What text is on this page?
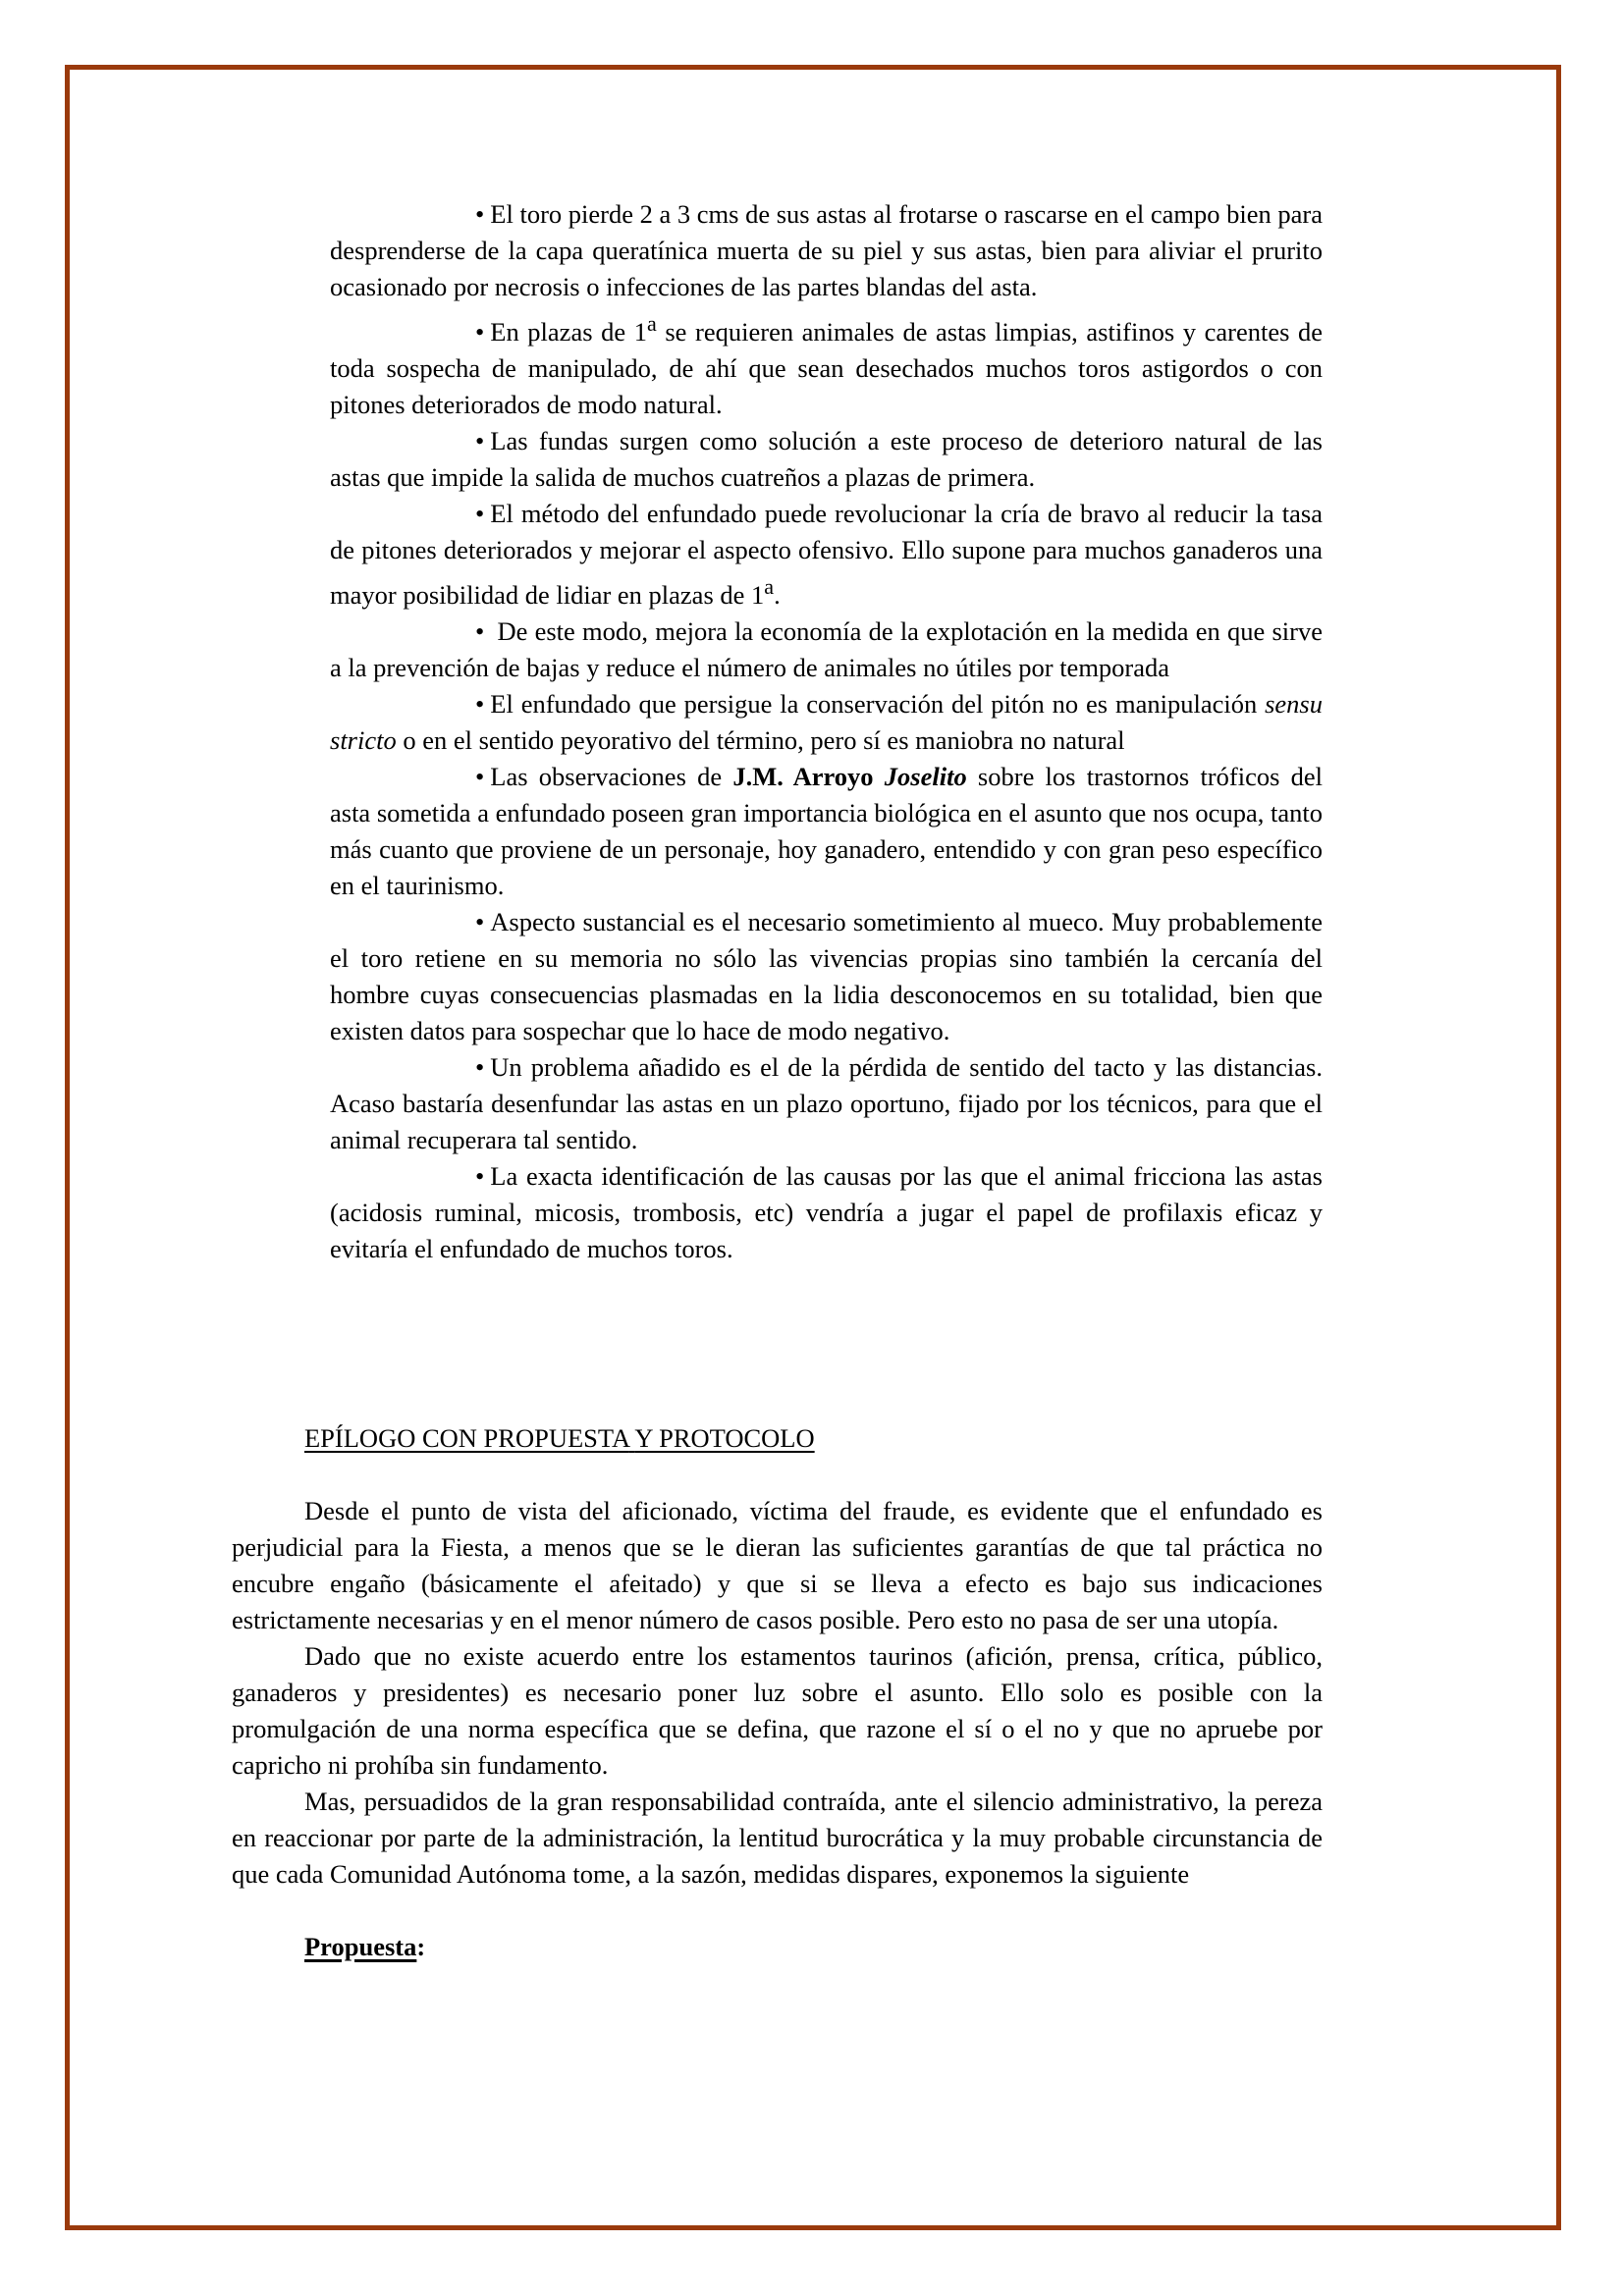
• El toro pierde 2 a 3 cms de sus astas al frotarse o rascarse en el campo bien para desprenderse de la capa queratínica muerta de su piel y sus astas, bien para aliviar el prurito ocasionado por necrosis o infecciones de las partes blandas del asta.

• En plazas de 1$^a$ se requieren animales de astas limpias, astifinos y carentes de toda sospecha de manipulado, de ahí que sean desechados muchos toros astigordos o con pitones deteriorados de modo natural.

• Las fundas surgen como solución a este proceso de deterioro natural de las astas que impide la salida de muchos cuatreños a plazas de primera.

• El método del enfundado puede revolucionar la cría de bravo al reducir la tasa de pitones deteriorados y mejorar el aspecto ofensivo. Ello supone para muchos ganaderos una mayor posibilidad de lidiar en plazas de 1$^a$.

• De este modo, mejora la economía de la explotación en la medida en que sirve a la prevención de bajas y reduce el número de animales no útiles por temporada

• El enfundado que persigue la conservación del pitón no es manipulación sensu stricto o en el sentido peyorativo del término, pero sí es maniobra no natural

• Las observaciones de J.M. Arroyo Joselito sobre los trastornos tróficos del asta sometida a enfundado poseen gran importancia biológica en el asunto que nos ocupa, tanto más cuanto que proviene de un personaje, hoy ganadero, entendido y con gran peso específico en el taurinismo.

• Aspecto sustancial es el necesario sometimiento al mueco. Muy probablemente el toro retiene en su memoria no sólo las vivencias propias sino también la cercanía del hombre cuyas consecuencias plasmadas en la lidia desconocemos en su totalidad, bien que existen datos para sospechar que lo hace de modo negativo.

• Un problema añadido es el de la pérdida de sentido del tacto y las distancias. Acaso bastaría desenfundar las astas en un plazo oportuno, fijado por los técnicos, para que el animal recuperara tal sentido.

• La exacta identificación de las causas por las que el animal fricciona las astas (acidosis ruminal, micosis, trombosis, etc) vendría a jugar el papel de profilaxis eficaz y evitaría el enfundado de muchos toros.

EPÍLOGO CON PROPUESTA Y PROTOCOLO

Desde el punto de vista del aficionado, víctima del fraude, es evidente que el enfundado es perjudicial para la Fiesta, a menos que se le dieran las suficientes garantías de que tal práctica no encubre engaño (básicamente el afeitado) y que si se lleva a efecto es bajo sus indicaciones estrictamente necesarias y en el menor número de casos posible. Pero esto no pasa de ser una utopía.

Dado que no existe acuerdo entre los estamentos taurinos (afición, prensa, crítica, público, ganaderos y presidentes) es necesario poner luz sobre el asunto. Ello solo es posible con la promulgación de una norma específica que se defina, que razone el sí o el no y que no apruebe por capricho ni prohíba sin fundamento.

Mas, persuadidos de la gran responsabilidad contraída, ante el silencio administrativo, la pereza en reaccionar por parte de la administración, la lentitud burocrática y la muy probable circunstancia de que cada Comunidad Autónoma tome, a la sazón, medidas dispares, exponemos la siguiente

Propuesta:
